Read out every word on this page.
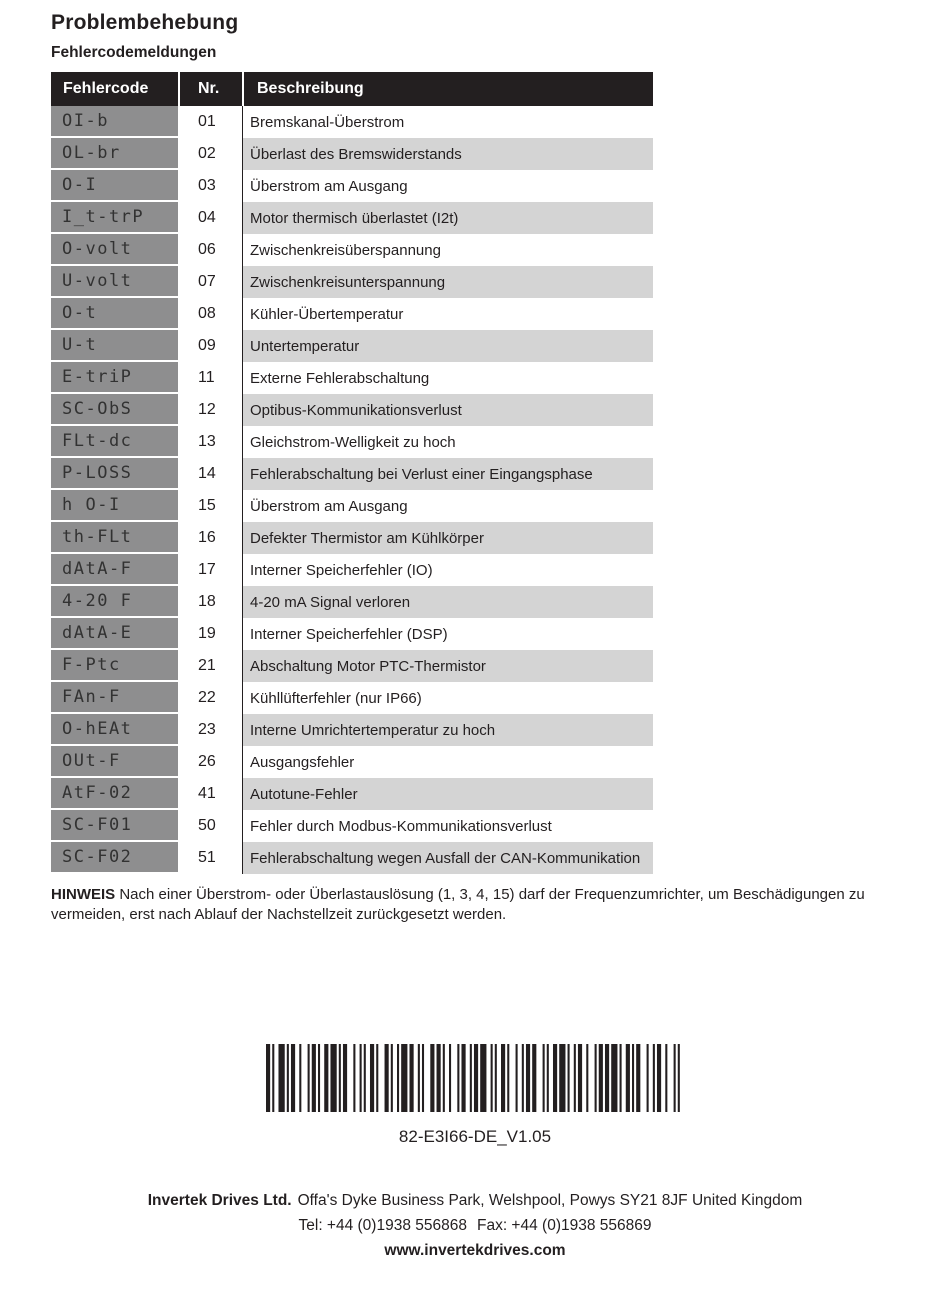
Problembehebung
Fehlercodemeldungen
Fehlercode	Nr.	Beschreibung
OI-b	01	Bremskanal-Überstrom
OL-br	02	Überlast des Bremswiderstands
O-I	03	Überstrom am Ausgang
I_t-trP	04	Motor thermisch überlastet (I2t)
O-volt	06	Zwischenkreisüberspannung
U-volt	07	Zwischenkreisunterspannung
O-t	08	Kühler-Übertemperatur
U-t	09	Untertemperatur
E-triP	11	Externe Fehlerabschaltung
SC-ObS	12	Optibus-Kommunikationsverlust
FLt-dc	13	Gleichstrom-Welligkeit zu hoch
P-LOSS	14	Fehlerabschaltung bei Verlust einer Eingangsphase
h O-I	15	Überstrom am Ausgang
th-FLt	16	Defekter Thermistor am Kühlkörper
dAtA-F	17	Interner Speicherfehler (IO)
4-20 F	18	4-20 mA Signal verloren
dAtA-E	19	Interner Speicherfehler (DSP)
F-Ptc	21	Abschaltung Motor PTC-Thermistor
FAn-F	22	Kühllüfterfehler (nur IP66)
O-hEAt	23	Interne Umrichtertemperatur zu hoch
OUt-F	26	Ausgangsfehler
AtF-02	41	Autotune-Fehler
SC-F01	50	Fehler durch Modbus-Kommunikationsverlust
SC-F02	51	Fehlerabschaltung wegen Ausfall der CAN-Kommunikation

HINWEIS Nach einer Überstrom- oder Überlastauslösung (1, 3, 4, 15) darf der Frequenzumrichter, um Beschädigungen zu vermeiden, erst nach Ablauf der Nachstellzeit zurückgesetzt werden.

82-E3I66-DE_V1.05
Invertek Drives Ltd. Offa's Dyke Business Park, Welshpool, Powys SY21 8JF United Kingdom
Tel: +44 (0)1938 556868 Fax: +44 (0)1938 556869
www.invertekdrives.com
